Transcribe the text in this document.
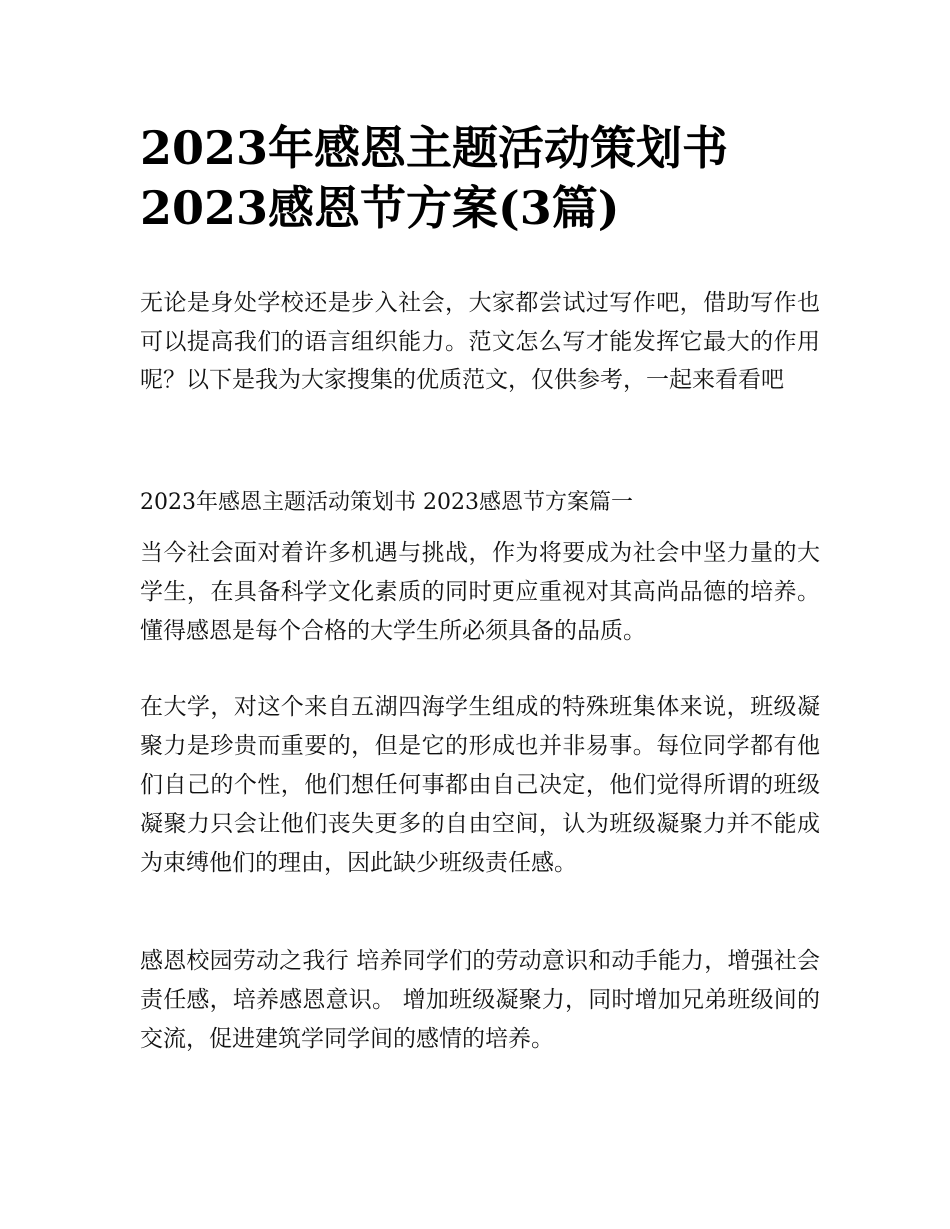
2023年感恩主题活动策划书 2023感恩节方案(3篇)

无论是身处学校还是步入社会，大家都尝试过写作吧，借助写作也可以提高我们的语言组织能力。范文怎么写才能发挥它最大的作用呢？以下是我为大家搜集的优质范文，仅供参考，一起来看看吧

2023年感恩主题活动策划书 2023感恩节方案篇一

当今社会面对着许多机遇与挑战，作为将要成为社会中坚力量的大学生，在具备科学文化素质的同时更应重视对其高尚品德的培养。懂得感恩是每个合格的大学生所必须具备的品质。

在大学，对这个来自五湖四海学生组成的特殊班集体来说，班级凝聚力是珍贵而重要的，但是它的形成也并非易事。每位同学都有他们自己的个性，他们想任何事都由自己决定，他们觉得所谓的班级凝聚力只会让他们丧失更多的自由空间，认为班级凝聚力并不能成为束缚他们的理由，因此缺少班级责任感。

感恩校园劳动之我行 培养同学们的劳动意识和动手能力，增强社会责任感，培养感恩意识。 增加班级凝聚力，同时增加兄弟班级间的交流，促进建筑学同学间的感情的培养。
